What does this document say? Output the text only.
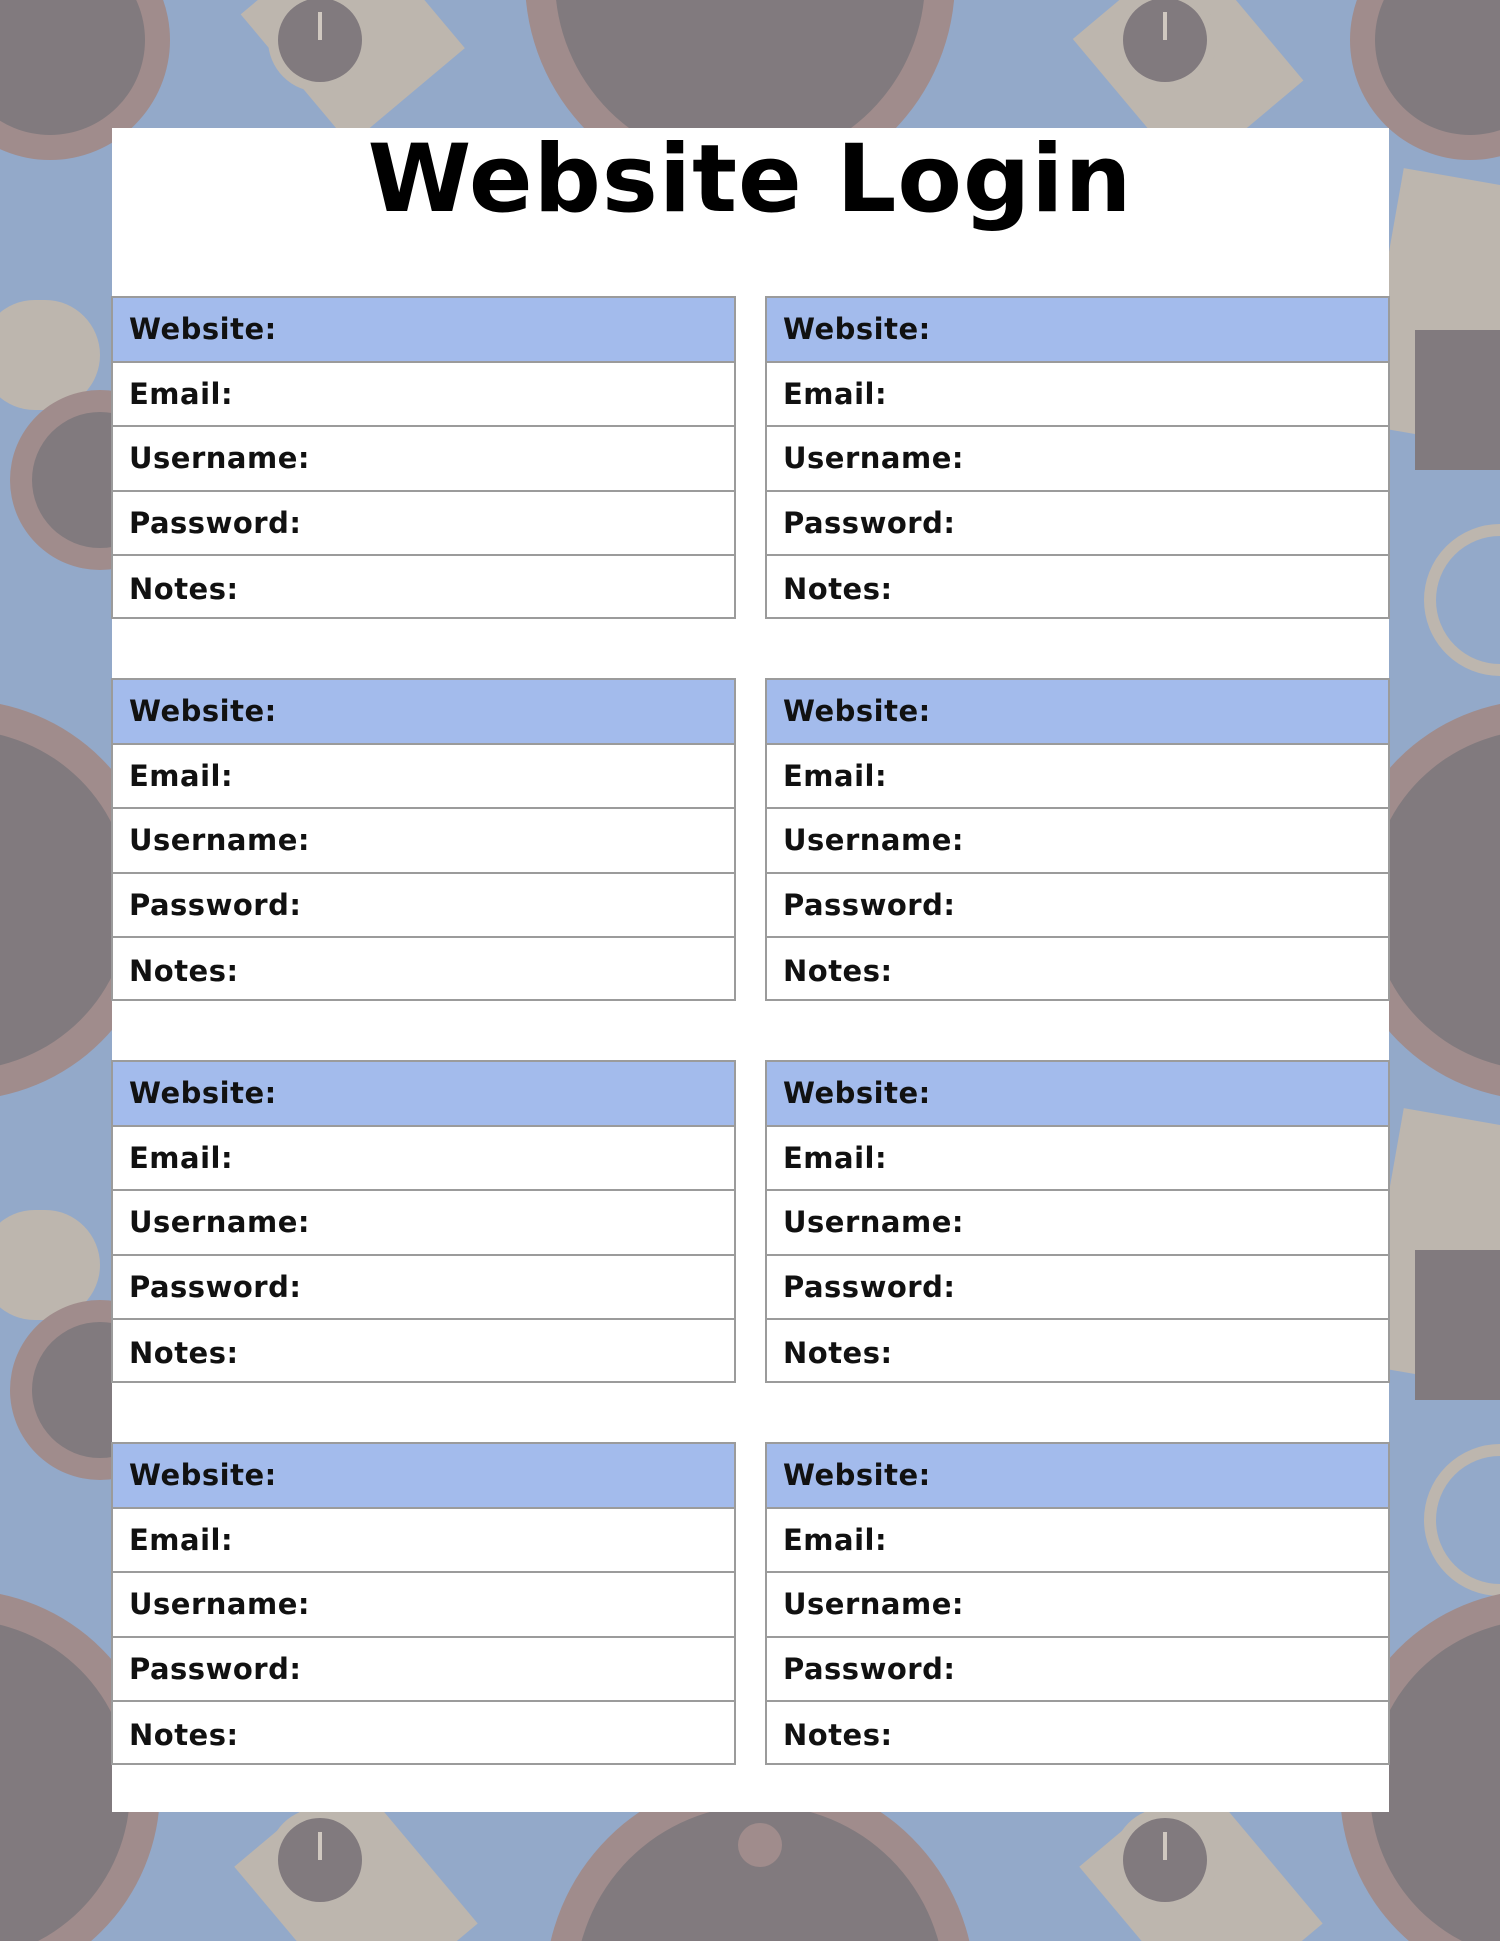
Website Login
Website:
Email:
Username:
Password:
Notes:
Website:
Email:
Username:
Password:
Notes:
Website:
Email:
Username:
Password:
Notes:
Website:
Email:
Username:
Password:
Notes:
Website:
Email:
Username:
Password:
Notes:
Website:
Email:
Username:
Password:
Notes:
Website:
Email:
Username:
Password:
Notes:
Website:
Email:
Username:
Password:
Notes:
